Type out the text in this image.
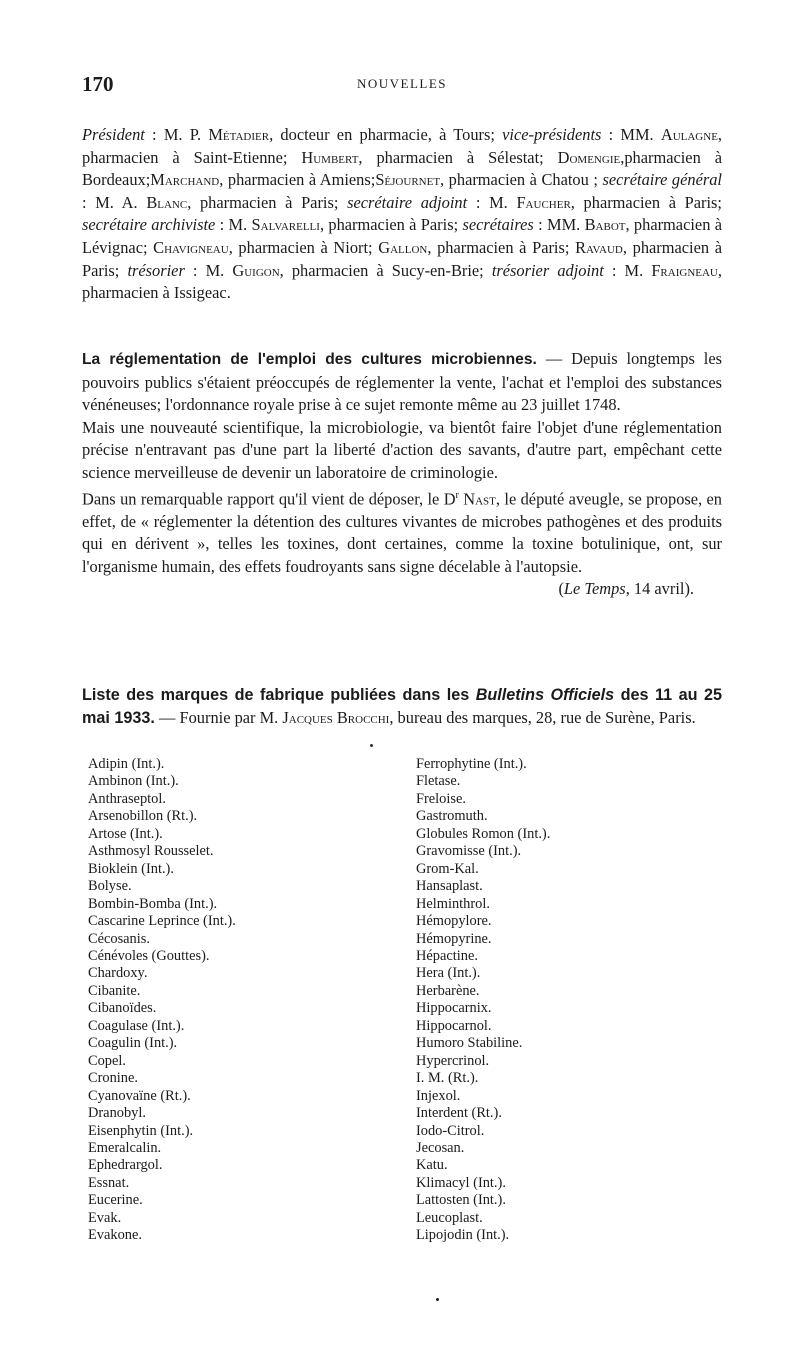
170	NOUVELLES

Président : M. P. Métadier, docteur en pharmacie, à Tours; vice-présidents : MM. Aulagne, pharmacien à Saint-Etienne; Humbert, pharmacien à Sélestat; Domengie,pharmacien à Bordeaux;Marchand, pharmacien à Amiens;Séjournet, pharmacien à Chatou ; secrétaire général : M. A. Blanc, pharmacien à Paris; secrétaire adjoint : M. Faucher, pharmacien à Paris; secrétaire archiviste : M. Salvarelli, pharmacien à Paris; secrétaires : MM. Babot, pharmacien à Lévignac; Chavigneau, pharmacien à Niort; Gallon, pharmacien à Paris; Ravaud, pharmacien à Paris; trésorier : M. Guigon, pharmacien à Sucy-en-Brie; trésorier adjoint : M. Fraigneau, pharmacien à Issigeac.

La réglementation de l'emploi des cultures microbiennes. — Depuis longtemps les pouvoirs publics s'étaient préoccupés de réglementer la vente, l'achat et l'emploi des substances vénéneuses; l'ordonnance royale prise à ce sujet remonte même au 23 juillet 1748.

Mais une nouveauté scientifique, la microbiologie, va bientôt faire l'objet d'une réglementation précise n'entravant pas d'une part la liberté d'action des savants, d'autre part, empêchant cette science merveilleuse de devenir un laboratoire de criminologie.

Dans un remarquable rapport qu'il vient de déposer, le $D^r$ Nast, le député aveugle, se propose, en effet, de « réglementer la détention des cultures vivantes de microbes pathogènes et des produits qui en dérivent », telles les toxines, dont certaines, comme la toxine botulinique, ont, sur l'organisme humain, des effets foudroyants sans signe décelable à l'autopsie.

(Le Temps, 14 avril).

Liste des marques de fabrique publiées dans les Bulletins Officiels des 11 au 25 mai 1933. — Fournie par M. Jacques Brocchi, bureau des marques, 28, rue de Surène, Paris.
Adipin (Int.).
Ambinon (Int.).
Anthraseptol.
Arsenobillon (Rt.).
Artose (Int.).
Asthmosyl Rousselet.
Bioklein (Int.).
Bolyse.
Bombin-Bomba (Int.).
Cascarine Leprince (Int.).
Cécosanis.
Cénévoles (Gouttes).
Chardoxy.
Cibanite.
Cibanoïdes.
Coagulase (Int.).
Coagulin (Int.).
Copel.
Cronine.
Cyanovaïne (Rt.).
Dranobyl.
Eisenphytin (Int.).
Emeralcalin.
Ephedrargol.
Essnat.
Eucerine.
Evak.
Evakone.
Ferrophytine (Int.).
Fletase.
Freloise.
Gastromuth.
Globules Romon (Int.).
Gravomisse (Int.).
Grom-Kal.
Hansaplast.
Helminthrol.
Hémopylore.
Hémopyrine.
Hépactine.
Hera (Int.).
Herbarène.
Hippocarnix.
Hippocarnol.
Humoro Stabiline.
Hypercrinol.
I. M. (Rt.).
Injexol.
Interdent (Rt.).
Iodo-Citrol.
Jecosan.
Katu.
Klimacyl (Int.).
Lattosten (Int.).
Leucoplast.
Lipojodin (Int.).
